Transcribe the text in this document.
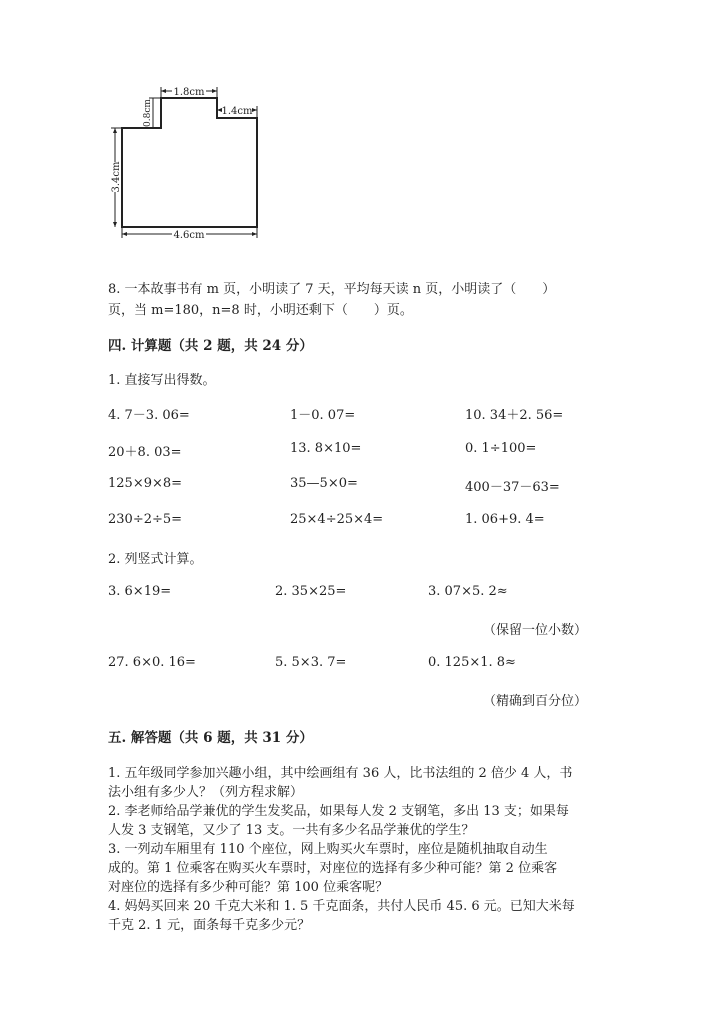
1.8cm
0.8cm	1.4cm
3.4cm
4.6cm
8. 一本故事书有 m 页，小明读了 7 天，平均每天读 n 页，小明读了（　　）
页，当 m=180，n=8 时，小明还剩下（　　）页。
四. 计算题（共 2 题，共 24 分）
1. 直接写出得数。
4. 7－3. 06=	1－0. 07=	10. 34＋2. 56=
20＋8. 03=	13. 8×10=	0. 1÷100=
125×9×8=	35—5×0=	400－37－63=
230÷2÷5=	25×4÷25×4=	1. 06+9. 4=
2. 列竖式计算。
3. 6×19=	2. 35×25=	3. 07×5. 2≈
（保留一位小数）
27. 6×0. 16=	5. 5×3. 7=	0. 125×1. 8≈
（精确到百分位）
五. 解答题（共 6 题，共 31 分）
1. 五年级同学参加兴趣小组，其中绘画组有 36 人，比书法组的 2 倍少 4 人，书
法小组有多少人？（列方程求解）
2. 李老师给品学兼优的学生发奖品，如果每人发 2 支钢笔，多出 13 支；如果每
人发 3 支钢笔，又少了 13 支。一共有多少名品学兼优的学生？
3. 一列动车厢里有 110 个座位，网上购买火车票时，座位是随机抽取自动生
成的。第 1 位乘客在购买火车票时，对座位的选择有多少种可能？第 2 位乘客
对座位的选择有多少种可能？第 100 位乘客呢？
4. 妈妈买回来 20 千克大米和 1. 5 千克面条，共付人民币 45. 6 元。已知大米每
千克 2. 1 元，面条每千克多少元？
